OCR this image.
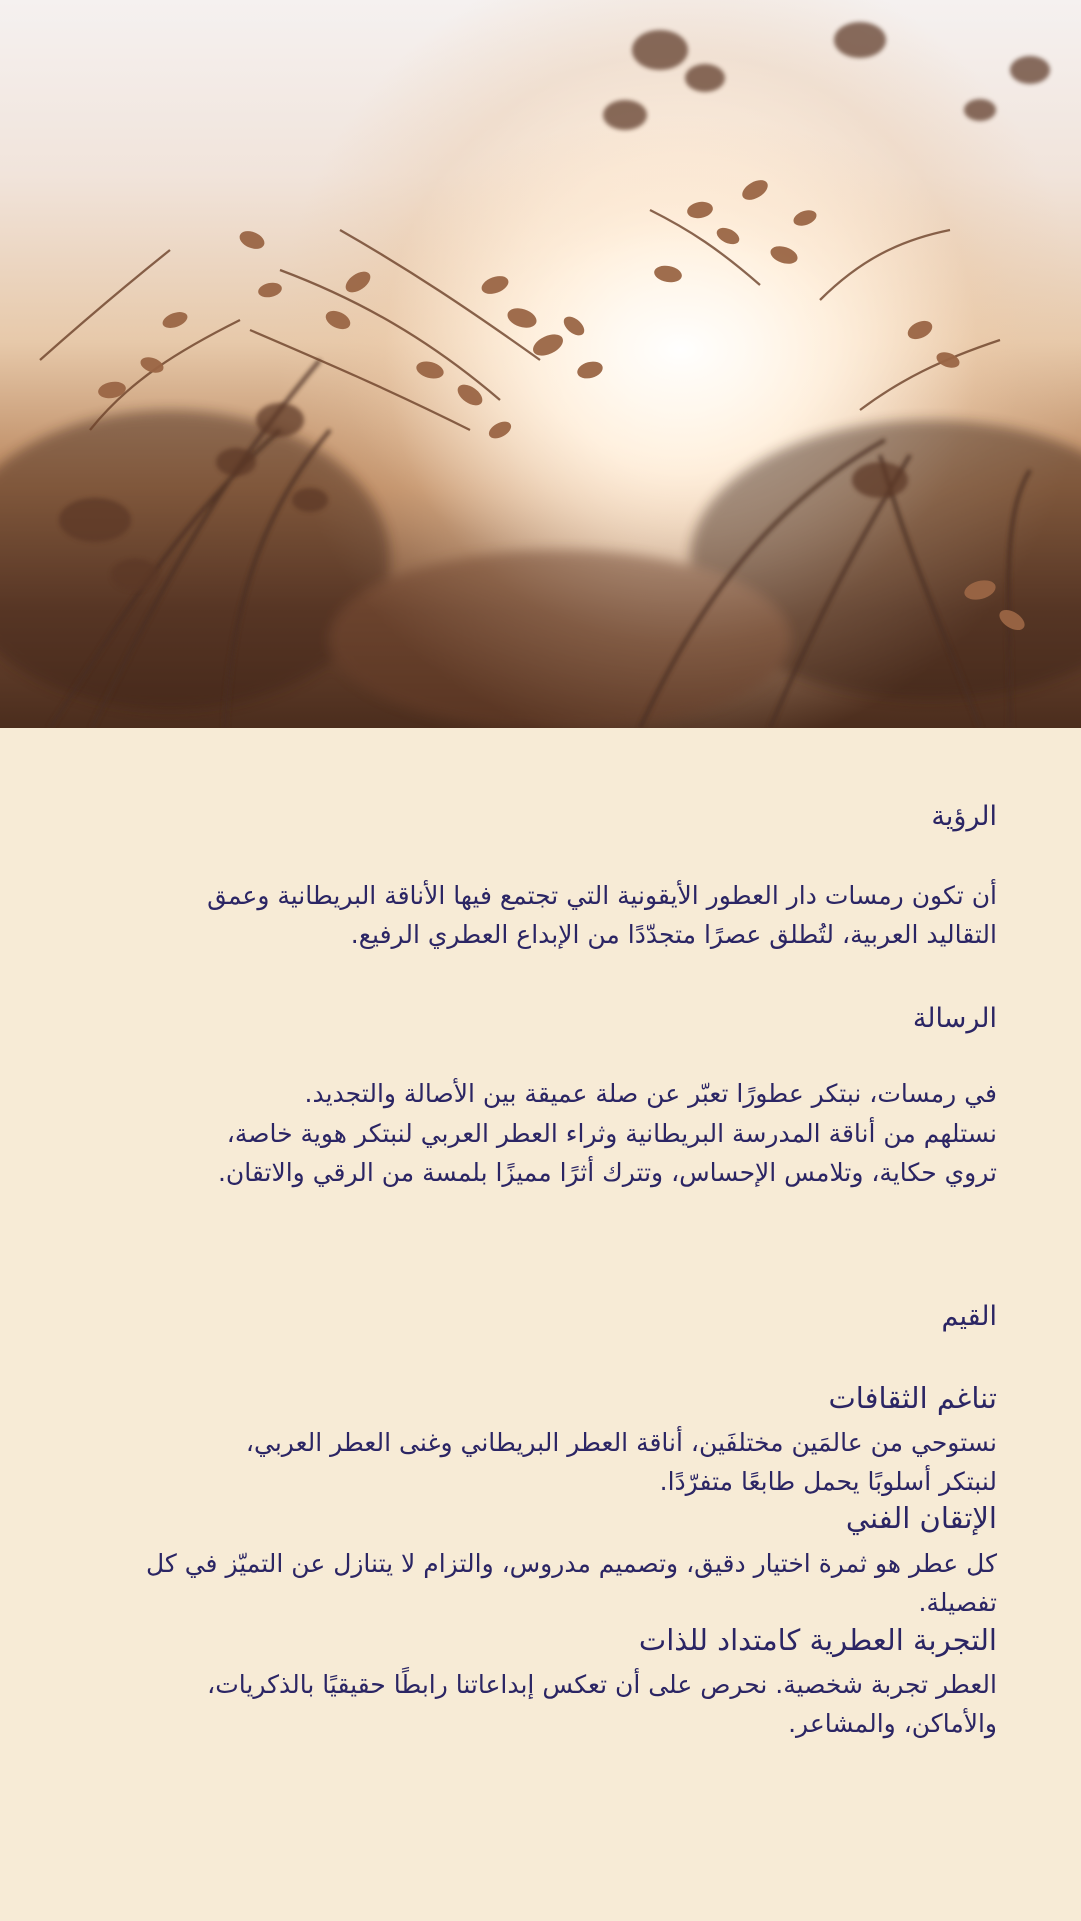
الرؤية

أن تكون رمسات دار العطور الأيقونية التي تجتمع فيها الأناقة البريطانية وعمق

التقاليد العربية، لتُطلق عصرًا متجدّدًا من الإبداع العطري الرفيع.

الرسالة

في رمسات، نبتكر عطورًا تعبّر عن صلة عميقة بين الأصالة والتجديد.

نستلهم من أناقة المدرسة البريطانية وثراء العطر العربي لنبتكر هوية خاصة،

تروي حكاية، وتلامس الإحساس، وتترك أثرًا مميزًا بلمسة من الرقي والاتقان.

القيم
تناغم الثقافات

نستوحي من عالمَين مختلفَين، أناقة العطر البريطاني وغنى العطر العربي،

لنبتكر أسلوبًا يحمل طابعًا متفرّدًا.

الإتقان الفني

كل عطر هو ثمرة اختيار دقيق، وتصميم مدروس، والتزام لا يتنازل عن التميّز في كل

تفصيلة.

التجربة العطرية كامتداد للذات

العطر تجربة شخصية. نحرص على أن تعكس إبداعاتنا رابطًا حقيقيًا بالذكريات،

والأماكن، والمشاعر.
